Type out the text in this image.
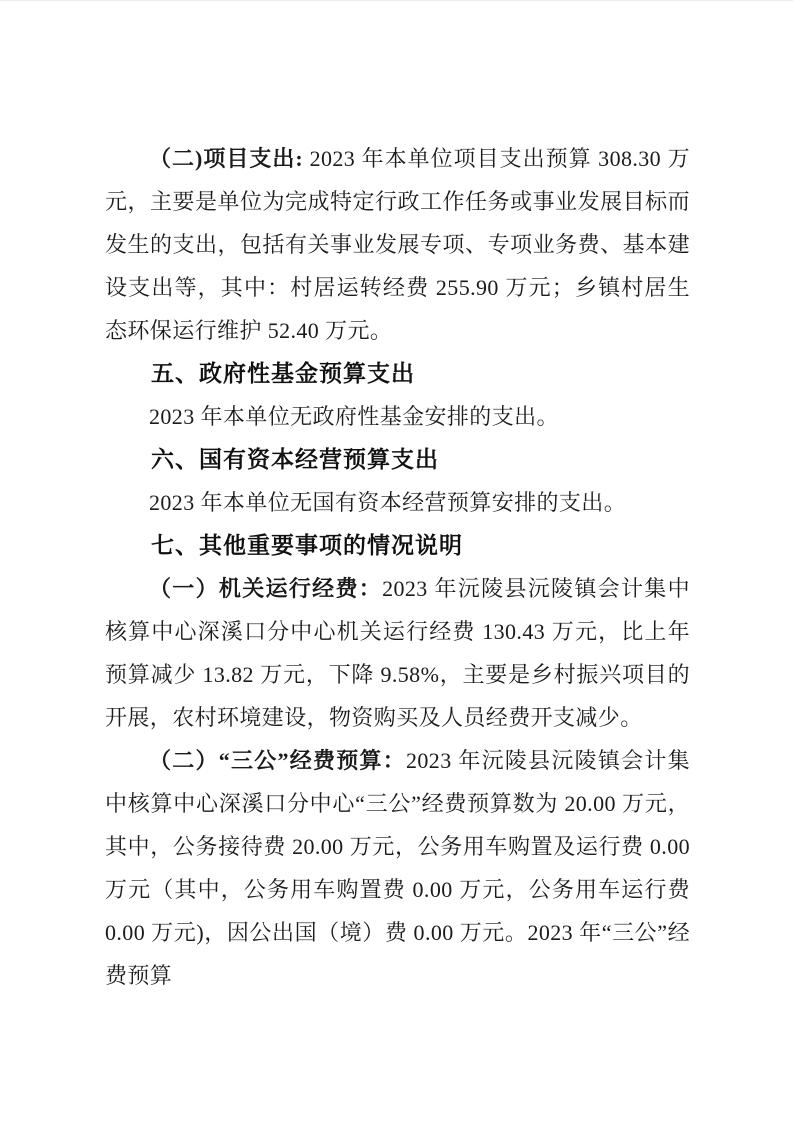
（二)项目支出: 2023 年本单位项目支出预算 308.30 万元，主要是单位为完成特定行政工作任务或事业发展目标而发生的支出，包括有关事业发展专项、专项业务费、基本建设支出等，其中：村居运转经费 255.90 万元；乡镇村居生态环保运行维护 52.40 万元。

五、政府性基金预算支出

2023 年本单位无政府性基金安排的支出。

六、国有资本经营预算支出

2023 年本单位无国有资本经营预算安排的支出。

七、其他重要事项的情况说明

（一）机关运行经费：2023 年沅陵县沅陵镇会计集中核算中心深溪口分中心机关运行经费 130.43 万元，比上年预算减少 13.82 万元，下降 9.58%，主要是乡村振兴项目的开展，农村环境建设，物资购买及人员经费开支减少。

（二）“三公”经费预算：2023 年沅陵县沅陵镇会计集中核算中心深溪口分中心“三公”经费预算数为 20.00 万元，其中，公务接待费 20.00 万元，公务用车购置及运行费 0.00 万元（其中，公务用车购置费 0.00 万元，公务用车运行费 0.00 万元)，因公出国（境）费 0.00 万元。2023 年“三公”经费预算
